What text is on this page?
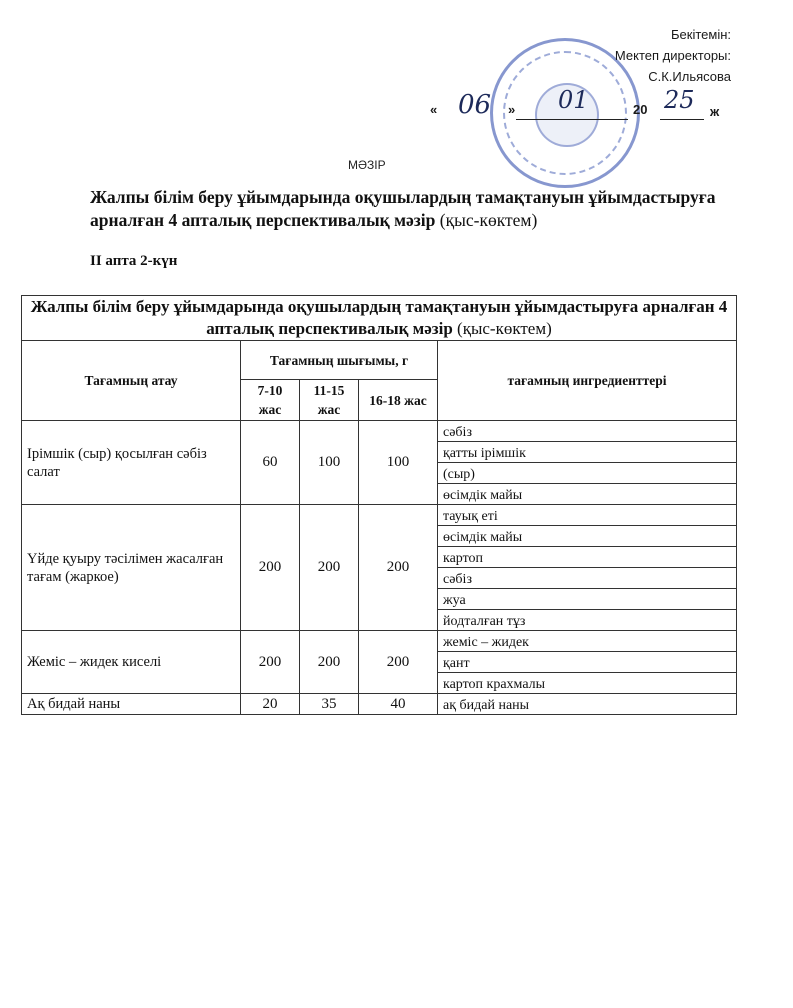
Бекітемін:
Мектеп директоры:
С.К.Ильясова
« 06 » 01	20 25 ж
МӘЗІР
Жалпы білім беру ұйымдарында оқушылардың тамақтануын ұйымдастыруға арналған 4 апталық перспективалық мәзір (қыс-көктем)
II апта 2-күн
Жалпы білім беру ұйымдарында оқушылардың тамақтануын ұйымдастыруға арналған 4 апталық перспективалық мәзір (қыс-көктем)				
Тағамның атау	Тағамның шығымы, г			тағамның ингредиенттері
	7-10 жас	11-15 жас	16-18 жас	
Ірімшік (сыр) қосылған сәбіз салат	60	100	100	сәбіз
				қатты ірімшік
				(сыр)
				өсімдік майы
Үйде қуыру тәсілімен жасалған тағам (жаркое)	200	200	200	тауық еті
				өсімдік майы
				картоп
				сәбіз
				жуа
				йодталған тұз
Жеміс – жидек киселі	200	200	200	жеміс – жидек
				қант
				картоп крахмалы
Ақ бидай наны	20	35	40	ақ бидай наны
